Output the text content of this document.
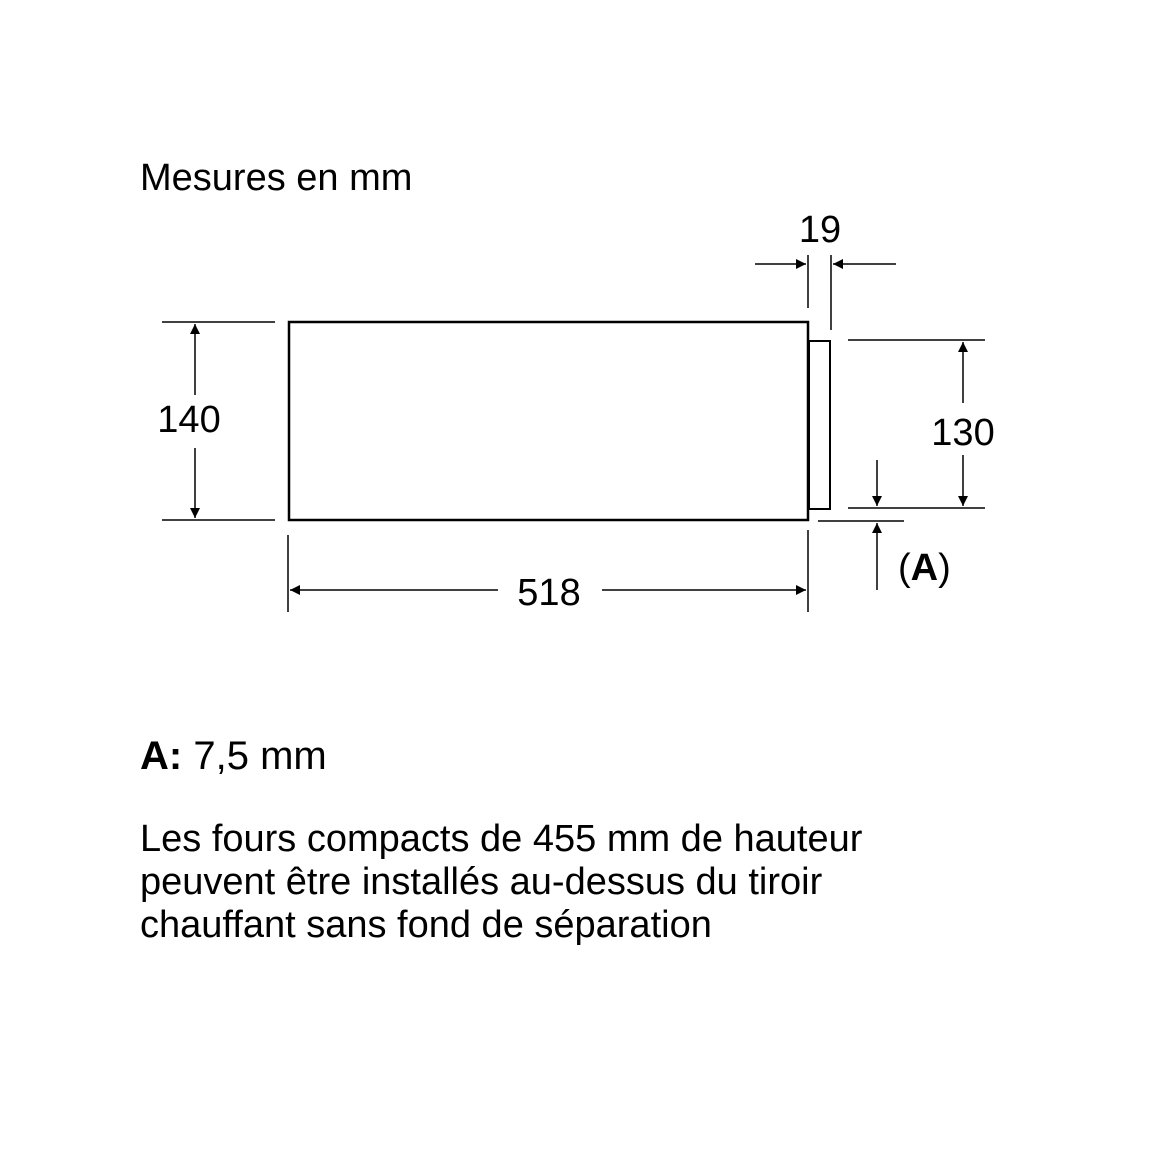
Mesures en mm
19
140	130
(A)
518
A: 7,5 mm
Les fours compacts de 455 mm de hauteur
peuvent être installés au-dessus du tiroir
chauffant sans fond de séparation
